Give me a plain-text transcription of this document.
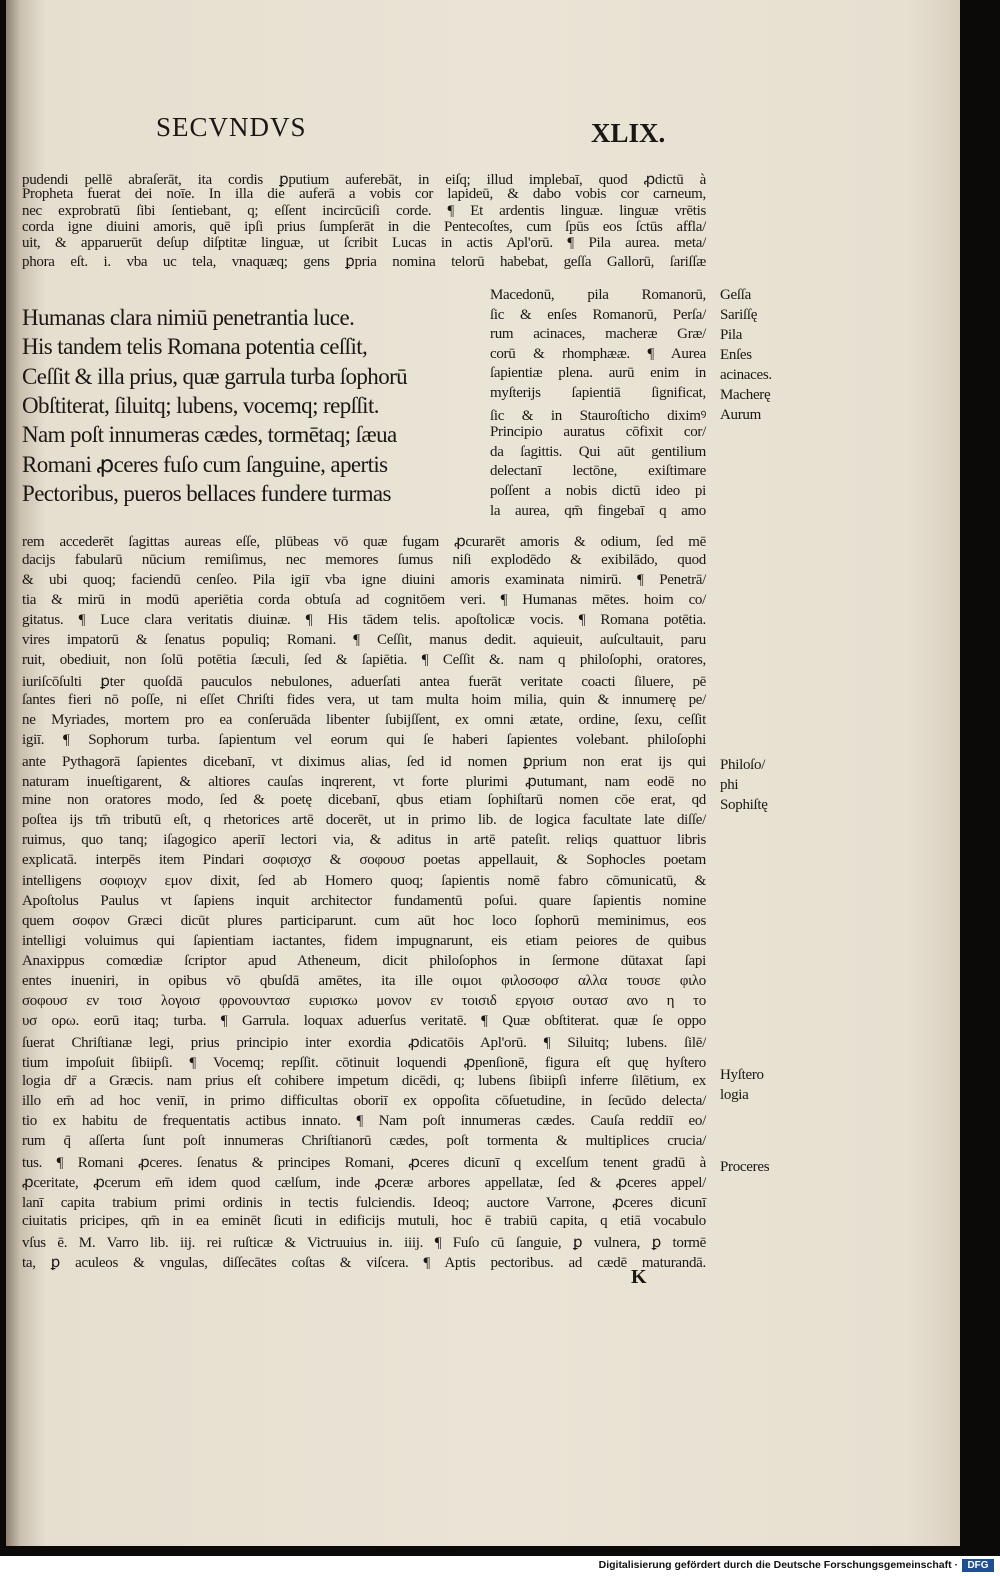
SECVNDVS	XLIX.
pudendi pellē abraſerāt, ita cordis ꝑputium auferebāt, in eiſq; illud implebaī, quod ꝓdictū à
Propheta fuerat dei noīe. In illa die auferā a vobis cor lapideū, & dabo vobis cor carneum,
nec exprobratū ſibi ſentiebant, q; eſſent incircūciſi corde. ¶ Et ardentis linguæ. linguæ vrētis
corda igne diuini amoris, quē ipſi prius ſumpſerāt in die Pentecoſtes, cum ſpūs eos ſctūs affla/
uit, & apparuerūt deſup diſptitæ linguæ, ut ſcribit Lucas in actis Apl'orū. ¶ Pila aurea. meta/
phora eſt. i. vba uc tela, vnaquæq; gens ꝑpria nomina telorū habebat, geſſa Gallorū, ſariſſæ
Humanas clara nimiū penetrantia luce.
His tandem telis Romana potentia ceſſit,
Ceſſit & illa prius, quæ garrula turba ſophorū
Obſtiterat, ſiluitq; lubens, vocemq; repſſit.
Nam poſt innumeras cædes, tormētaq; ſæua
Romani ꝓceres fuſo cum ſanguine, apertis
Pectoribus, pueros bellaces fundere turmas
Macedonū, pila Romanorū,
ſic & enſes Romanorū, Perſa/
rum acinaces, macheræ Græ/
corū & rhomphææ. ¶ Aurea
ſapientiæ plena. aurū enim in
myſterijs ſapientiā ſignificat,
ſic & in Stauroſticho diximꝰ
Principio auratus cōfixit cor/
da ſagittis. Qui aūt gentilium
delectanī lectōne, exiſtimare
poſſent a nobis dictū ideo pi
la aurea, qm̄ fingebaī q amo
rem accederēt ſagittas aureas eſſe, plūbeas vō quæ fugam ꝓcurarēt amoris & odium, ſed mē
dacijs fabularū nūcium remiſimus, nec memores ſumus niſi explodēdo & exibilādo, quod
& ubi quoq; faciendū cenſeo. Pila igiī vba igne diuini amoris examinata nimirū. ¶ Penetrā/
tia & mirū in modū aperiētia corda obtuſa ad cognitōem veri. ¶ Humanas mētes. hoim co/
gitatus. ¶ Luce clara veritatis diuinæ. ¶ His tādem telis. apoſtolicæ vocis. ¶ Romana potētia.
vires impatorū & ſenatus populiq; Romani. ¶ Ceſſit, manus dedit. aquieuit, auſcultauit, paru
ruit, obediuit, non ſolū potētia ſæculi, ſed & ſapiētia. ¶ Ceſſit &. nam q philoſophi, oratores,
iuriſcōſulti ꝑter quoſdā pauculos nebulones, aduerſati antea fuerāt veritate coacti ſiluere, pē
ſantes fieri nō poſſe, ni eſſet Chriſti fides vera, ut tam multa hoim milia, quin & innumerę pe/
ne Myriades, mortem pro ea conſeruāda libenter ſubijſſent, ex omni ætate, ordine, ſexu, ceſſit
igiī. ¶ Sophorum turba. ſapientum vel eorum qui ſe haberi ſapientes volebant. philoſophi
ante Pythagorā ſapientes dicebanī, vt diximus alias, ſed id nomen ꝑprium non erat ijs qui
naturam inueſtigarent, & altiores cauſas inqrerent, vt forte plurimi ꝓutumant, nam eodē no
mine non oratores modo, ſed & poetę dicebanī, qbus etiam ſophiſtarū nomen cōe erat, qd
poſtea ijs tm̄ tributū eſt, q rhetorices artē docerēt, ut in primo lib. de logica facultate late diſſe/
ruimus, quo tanq; iſagogico aperiī lectori via, & aditus in artē pateſit. reliqs quattuor libris
explicatā. interpēs item Pindari σοφισχσ & σοφουσ poetas appellauit, & Sophocles poetam
intelligens σοφιοχν εμον dixit, ſed ab Homero quoq; ſapientis nomē fabro cōmunicatū, &
Apoſtolus Paulus vt ſapiens inquit architector fundamentū poſui. quare ſapientis nomine
quem σοφον Græci dicūt plures participarunt. cum aūt hoc loco ſophorū meminimus, eos
intelligi voluimus qui ſapientiam iactantes, fidem impugnarunt, eis etiam peiores de quibus
Anaxippus comœdiæ ſcriptor apud Atheneum, dicit philoſophos in ſermone dūtaxat ſapi
entes inueniri, in opibus vō qbuſdā amētes, ita ille οιμοι φιλοσοφσ αλλα τουσε φιλο
σοφουσ εν τοισ λογοισ φρονουντασ ευρισκω μονον εν τοισιδ εργοισ ουτασ ανο η το
υσ ορω. eorū itaq; turba. ¶ Garrula. loquax aduerſus veritatē. ¶ Quæ obſtiterat. quæ ſe oppo
ſuerat Chriſtianæ legi, prius principio inter exordia ꝓdicatōis Apl'orū. ¶ Siluitq; lubens. ſilē/
tium impoſuit ſibiipſi. ¶ Vocemq; repſſit. cōtinuit loquendi ꝓpenſionē, figura eſt quę hyſtero
logia dr̄ a Græcis. nam prius eſt cohibere impetum dicēdi, q; lubens ſibiipſi inferre ſilētium, ex
illo em̄ ad hoc veniī, in primo difficultas oboriī ex oppoſita cōſuetudine, in ſecūdo delecta/
tio ex habitu de frequentatis actibus innato. ¶ Nam poſt innumeras cædes. Cauſa reddiī eo/
rum q̄ aſſerta ſunt poſt innumeras Chriſtianorū cædes, poſt tormenta & multiplices crucia/
tus. ¶ Romani ꝓceres. ſenatus & principes Romani, ꝓceres dicunī q excelſum tenent gradū à
ꝓceritate, ꝓcerum em̄ idem quod cælſum, inde ꝓceræ arbores appellatæ, ſed & ꝓceres appel/
lanī capita trabium primi ordinis in tectis fulciendis. Ideoq; auctore Varrone, ꝓceres dicunī
ciuitatis pricipes, qm̄ in ea eminēt ſicuti in edificijs mutuli, hoc ē trabiū capita, q etiā vocabulo
vſus ē. M. Varro lib. iij. rei ruſticæ & Victruuius in. iiij. ¶ Fuſo cū ſanguie, ꝑ vulnera, ꝑ tormē
ta, ꝑ aculeos & vngulas, diſſecātes coſtas & viſcera. ¶ Aptis pectoribus. ad cædē maturandā.
Geſſa
Sariſſę
Pila
Enſes
acinaces.
Macherę
Aurum
Philoſo/
phi
Sophiſtę
Hyſtero
logia
Proceres
K
Digitalisierung gefördert durch die Deutsche Forschungsgemeinschaft · DFG
